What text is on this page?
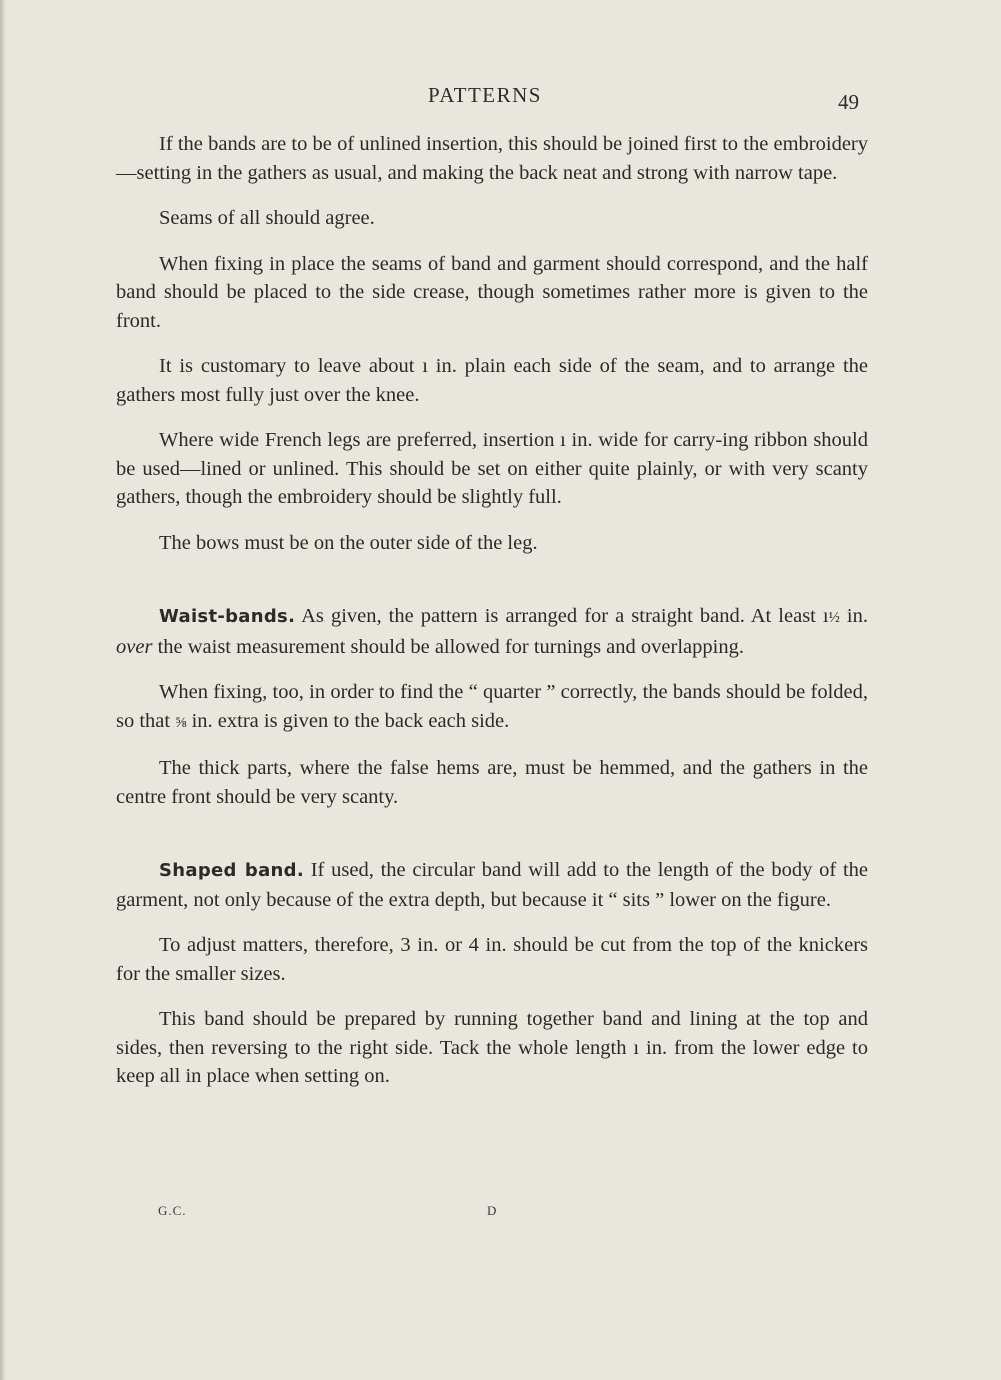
PATTERNS	49

If the bands are to be of unlined insertion, this should be joined first to the embroidery—setting in the gathers as usual, and making the back neat and strong with narrow tape.

Seams of all should agree.

When fixing in place the seams of band and garment should correspond, and the half band should be placed to the side crease, though sometimes rather more is given to the front.

It is customary to leave about ı in. plain each side of the seam, and to arrange the gathers most fully just over the knee.

Where wide French legs are preferred, insertion ı in. wide for carry-ing ribbon should be used—lined or unlined. This should be set on either quite plainly, or with very scanty gathers, though the embroidery should be slightly full.

The bows must be on the outer side of the leg.

Waist-bands. As given, the pattern is arranged for a straight band. At least ı½ in. over the waist measurement should be allowed for turnings and overlapping.

When fixing, too, in order to find the “ quarter ” correctly, the bands should be folded, so that ⅝ in. extra is given to the back each side.

The thick parts, where the false hems are, must be hemmed, and the gathers in the centre front should be very scanty.

Shaped band. If used, the circular band will add to the length of the body of the garment, not only because of the extra depth, but because it “ sits ” lower on the figure.

To adjust matters, therefore, 3 in. or 4 in. should be cut from the top of the knickers for the smaller sizes.

This band should be prepared by running together band and lining at the top and sides, then reversing to the right side. Tack the whole length ı in. from the lower edge to keep all in place when setting on.

G.C.	D
